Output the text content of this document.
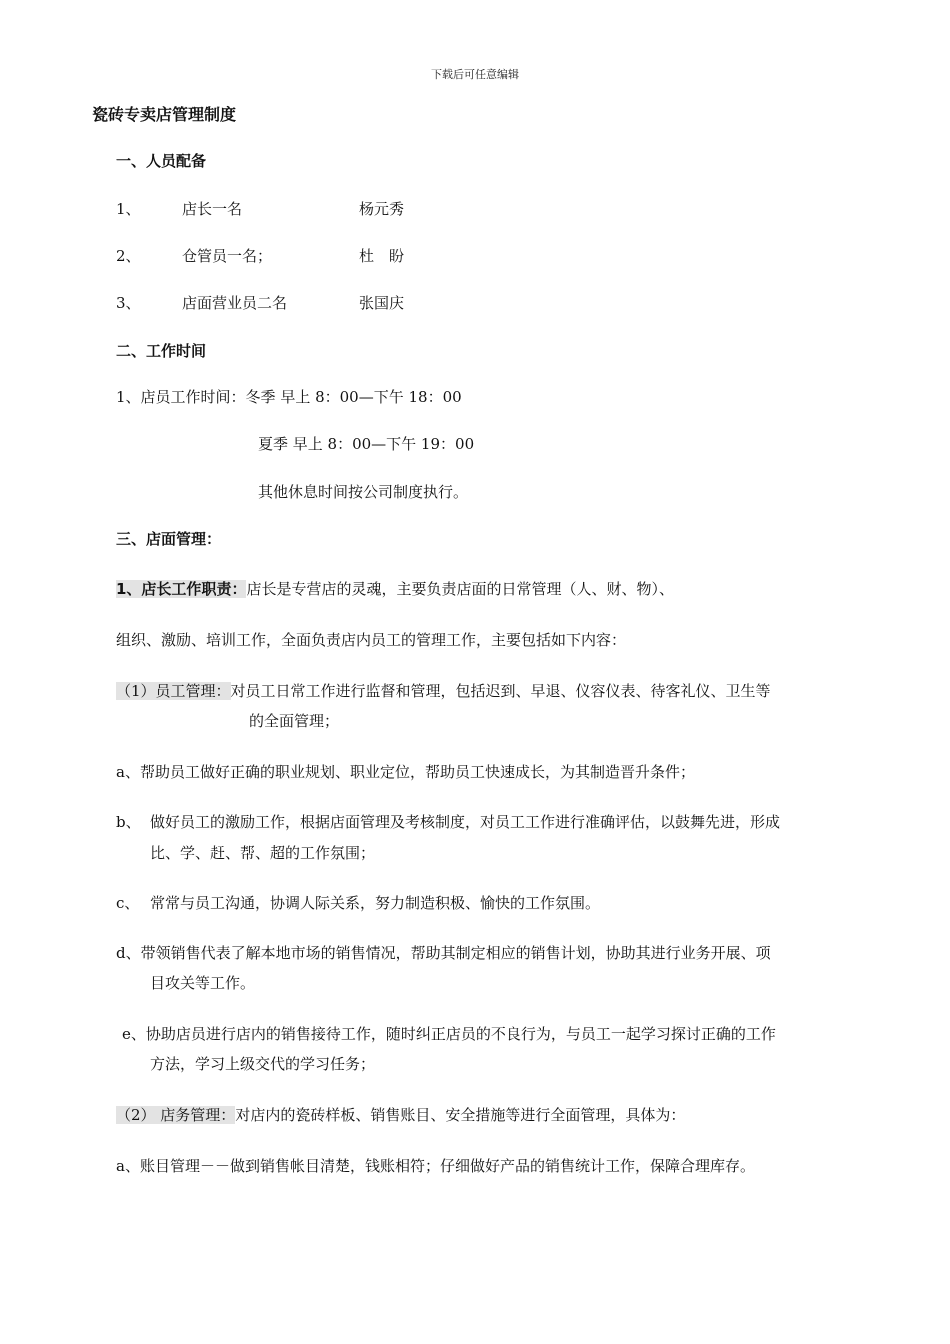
下载后可任意编辑
瓷砖专卖店管理制度
一、人员配备
1、	店长一名	杨元秀
2、	仓管员一名；	杜　盼
3、	店面营业员二名	张国庆
二、工作时间
1、店员工作时间：冬季 早上 8：00—下午 18：00
夏季 早上 8：00—下午 19：00
其他休息时间按公司制度执行。
三、店面管理：
1、店长工作职责：店长是专营店的灵魂，主要负责店面的日常管理（人、财、物）、
组织、激励、培训工作，全面负责店内员工的管理工作，主要包括如下内容：
（1）员工管理：对员工日常工作进行监督和管理，包括迟到、早退、仪容仪表、待客礼仪、卫生等
的全面管理；
a、帮助员工做好正确的职业规划、职业定位，帮助员工快速成长，为其制造晋升条件；
b、 做好员工的激励工作，根据店面管理及考核制度，对员工工作进行准确评估，以鼓舞先进，形成
比、学、赶、帮、超的工作氛围；
c、 常常与员工沟通，协调人际关系，努力制造积极、愉快的工作氛围。
d、带领销售代表了解本地市场的销售情况，帮助其制定相应的销售计划，协助其进行业务开展、项
目攻关等工作。
e、协助店员进行店内的销售接待工作，随时纠正店员的不良行为，与员工一起学习探讨正确的工作
方法，学习上级交代的学习任务；
（2） 店务管理：对店内的瓷砖样板、销售账目、安全措施等进行全面管理，具体为：
a、账目管理－－做到销售帐目清楚，钱账相符；仔细做好产品的销售统计工作，保障合理库存。
